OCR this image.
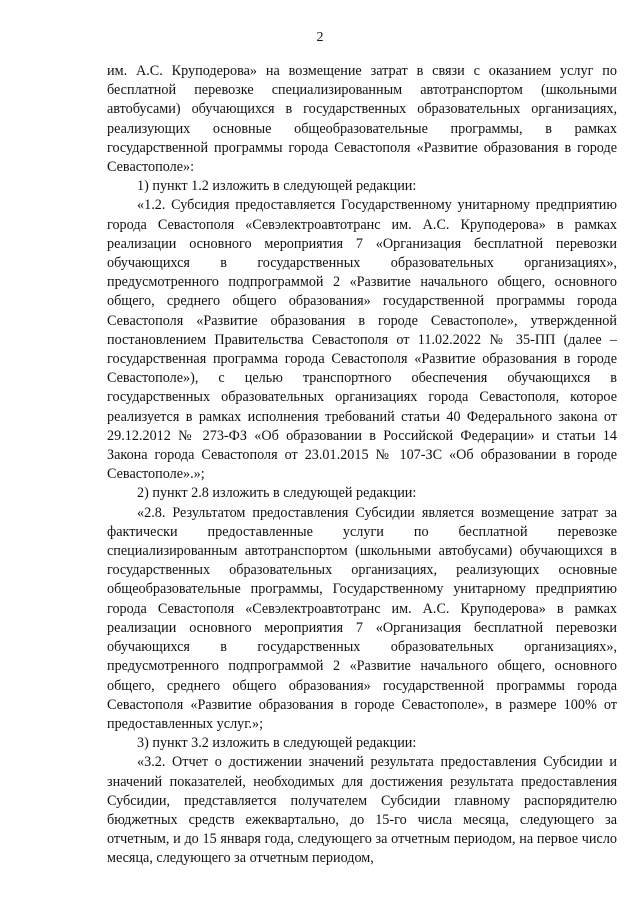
2

им. А.С. Круподерова» на возмещение затрат в связи с оказанием услуг по бесплатной перевозке специализированным автотранспортом (школьными автобусами) обучающихся в государственных образовательных организациях, реализующих основные общеобразовательные программы, в рамках государственной программы города Севастополя «Развитие образования в городе Севастополе»:

1) пункт 1.2 изложить в следующей редакции:

«1.2. Субсидия предоставляется Государственному унитарному предприятию города Севастополя «Севэлектроавтотранс им. А.С. Круподерова» в рамках реализации основного мероприятия 7 «Организация бесплатной перевозки обучающихся в государственных образовательных организациях», предусмотренного подпрограммой 2 «Развитие начального общего, основного общего, среднего общего образования» государственной программы города Севастополя «Развитие образования в городе Севастополе», утвержденной постановлением Правительства Севастополя от 11.02.2022 № 35-ПП (далее – государственная программа города Севастополя «Развитие образования в городе Севастополе»), с целью транспортного обеспечения обучающихся в государственных образовательных организациях города Севастополя, которое реализуется в рамках исполнения требований статьи 40 Федерального закона от 29.12.2012 № 273-ФЗ «Об образовании в Российской Федерации» и статьи 14 Закона города Севастополя от 23.01.2015 № 107-ЗС «Об образовании в городе Севастополе».»;

2) пункт 2.8 изложить в следующей редакции:

«2.8. Результатом предоставления Субсидии является возмещение затрат за фактически предоставленные услуги по бесплатной перевозке специализированным автотранспортом (школьными автобусами) обучающихся в государственных образовательных организациях, реализующих основные общеобразовательные программы, Государственному унитарному предприятию города Севастополя «Севэлектроавтотранс им. А.С. Круподерова» в рамках реализации основного мероприятия 7 «Организация бесплатной перевозки обучающихся в государственных образовательных организациях», предусмотренного подпрограммой 2 «Развитие начального общего, основного общего, среднего общего образования» государственной программы города Севастополя «Развитие образования в городе Севастополе», в размере 100% от предоставленных услуг.»;

3) пункт 3.2 изложить в следующей редакции:

«3.2. Отчет о достижении значений результата предоставления Субсидии и значений показателей, необходимых для достижения результата предоставления Субсидии, представляется получателем Субсидии главному распорядителю бюджетных средств ежеквартально, до 15-го числа месяца, следующего за отчетным, и до 15 января года, следующего за отчетным периодом, на первое число месяца, следующего за отчетным периодом,
